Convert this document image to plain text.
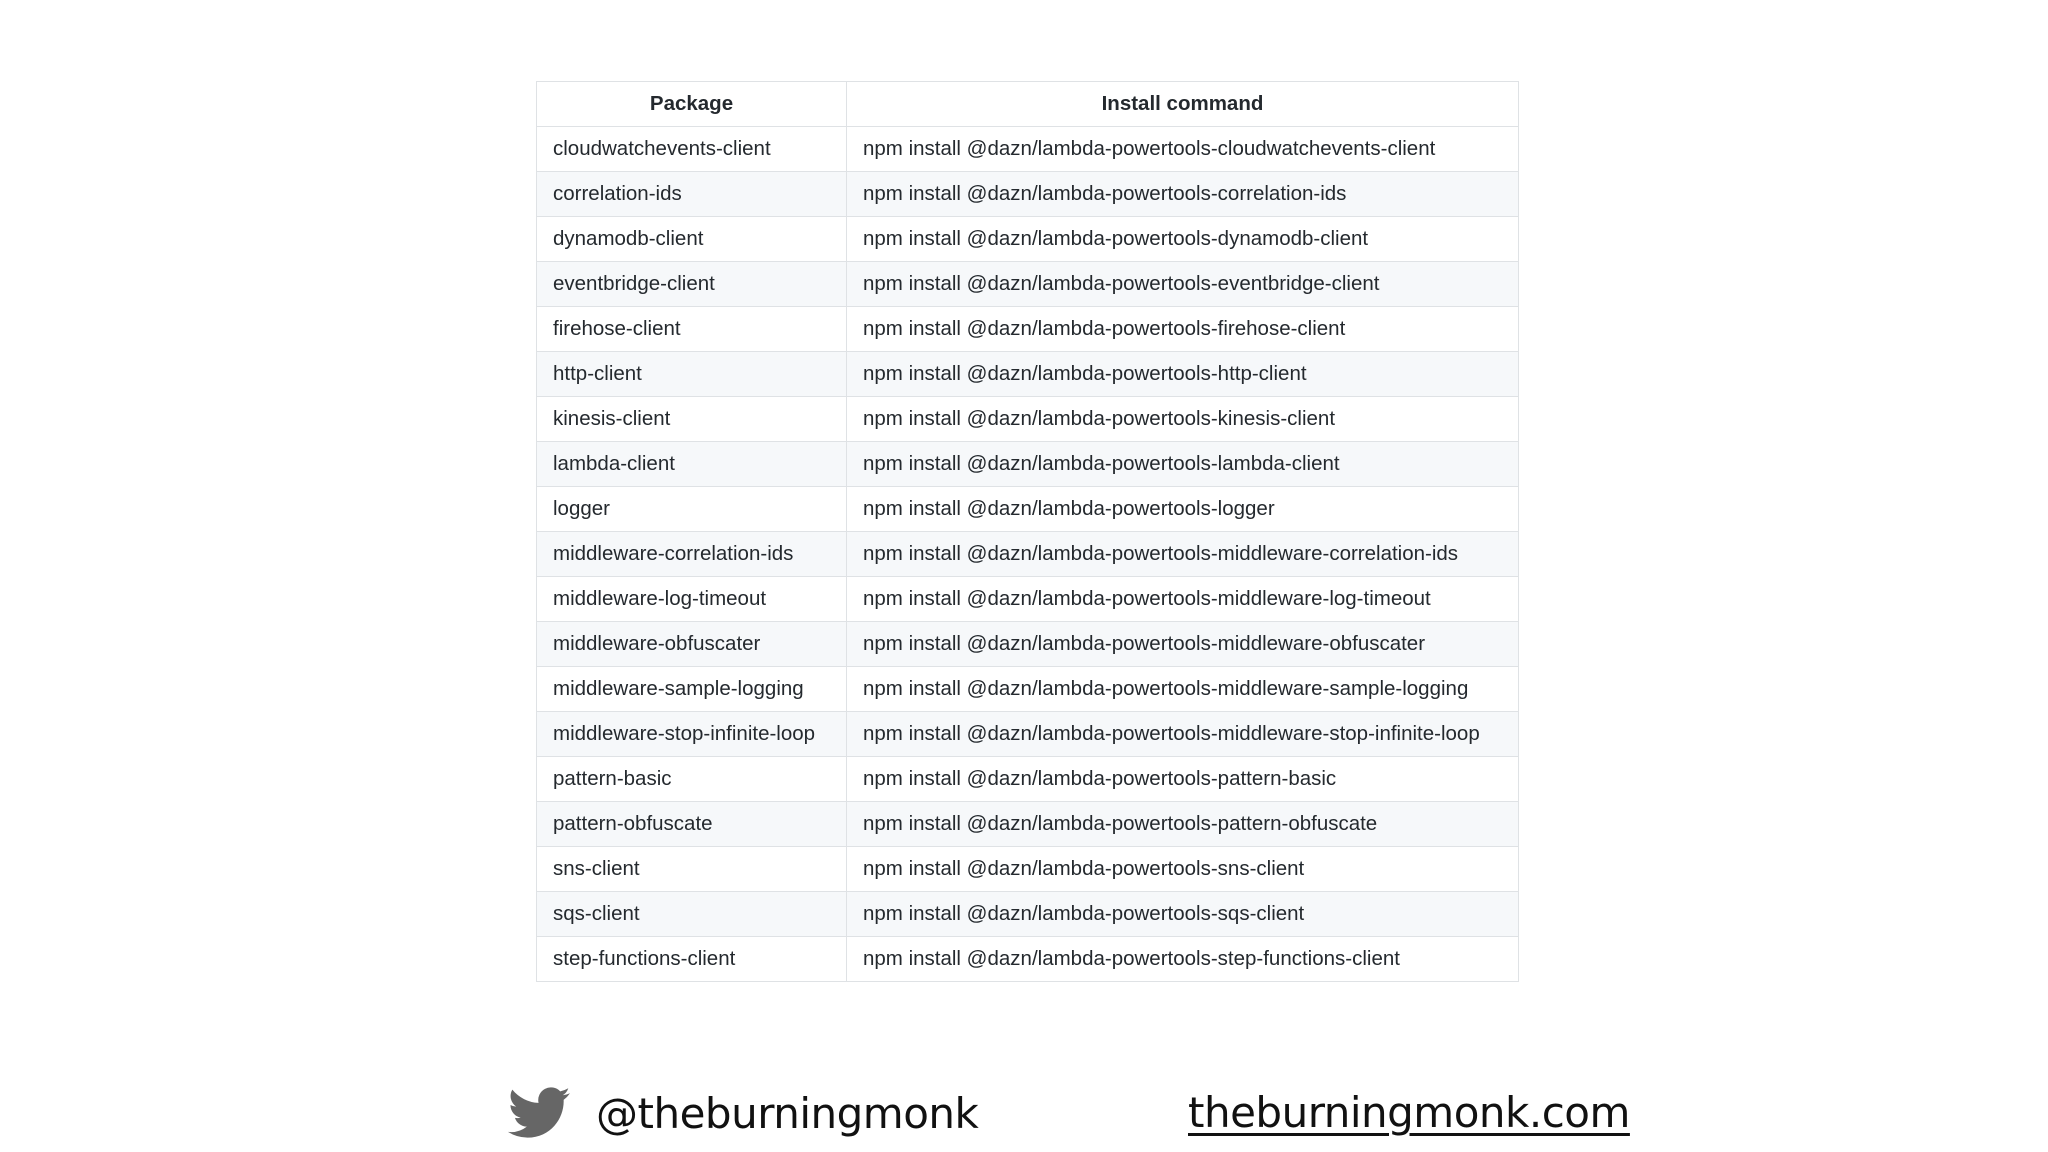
Package	Install command
cloudwatchevents-client	npm install @dazn/lambda-powertools-cloudwatchevents-client
correlation-ids	npm install @dazn/lambda-powertools-correlation-ids
dynamodb-client	npm install @dazn/lambda-powertools-dynamodb-client
eventbridge-client	npm install @dazn/lambda-powertools-eventbridge-client
firehose-client	npm install @dazn/lambda-powertools-firehose-client
http-client	npm install @dazn/lambda-powertools-http-client
kinesis-client	npm install @dazn/lambda-powertools-kinesis-client
lambda-client	npm install @dazn/lambda-powertools-lambda-client
logger	npm install @dazn/lambda-powertools-logger
middleware-correlation-ids	npm install @dazn/lambda-powertools-middleware-correlation-ids
middleware-log-timeout	npm install @dazn/lambda-powertools-middleware-log-timeout
middleware-obfuscater	npm install @dazn/lambda-powertools-middleware-obfuscater
middleware-sample-logging	npm install @dazn/lambda-powertools-middleware-sample-logging
middleware-stop-infinite-loop	npm install @dazn/lambda-powertools-middleware-stop-infinite-loop
pattern-basic	npm install @dazn/lambda-powertools-pattern-basic
pattern-obfuscate	npm install @dazn/lambda-powertools-pattern-obfuscate
sns-client	npm install @dazn/lambda-powertools-sns-client
sqs-client	npm install @dazn/lambda-powertools-sqs-client
step-functions-client	npm install @dazn/lambda-powertools-step-functions-client
@theburningmonk	theburningmonk.com
